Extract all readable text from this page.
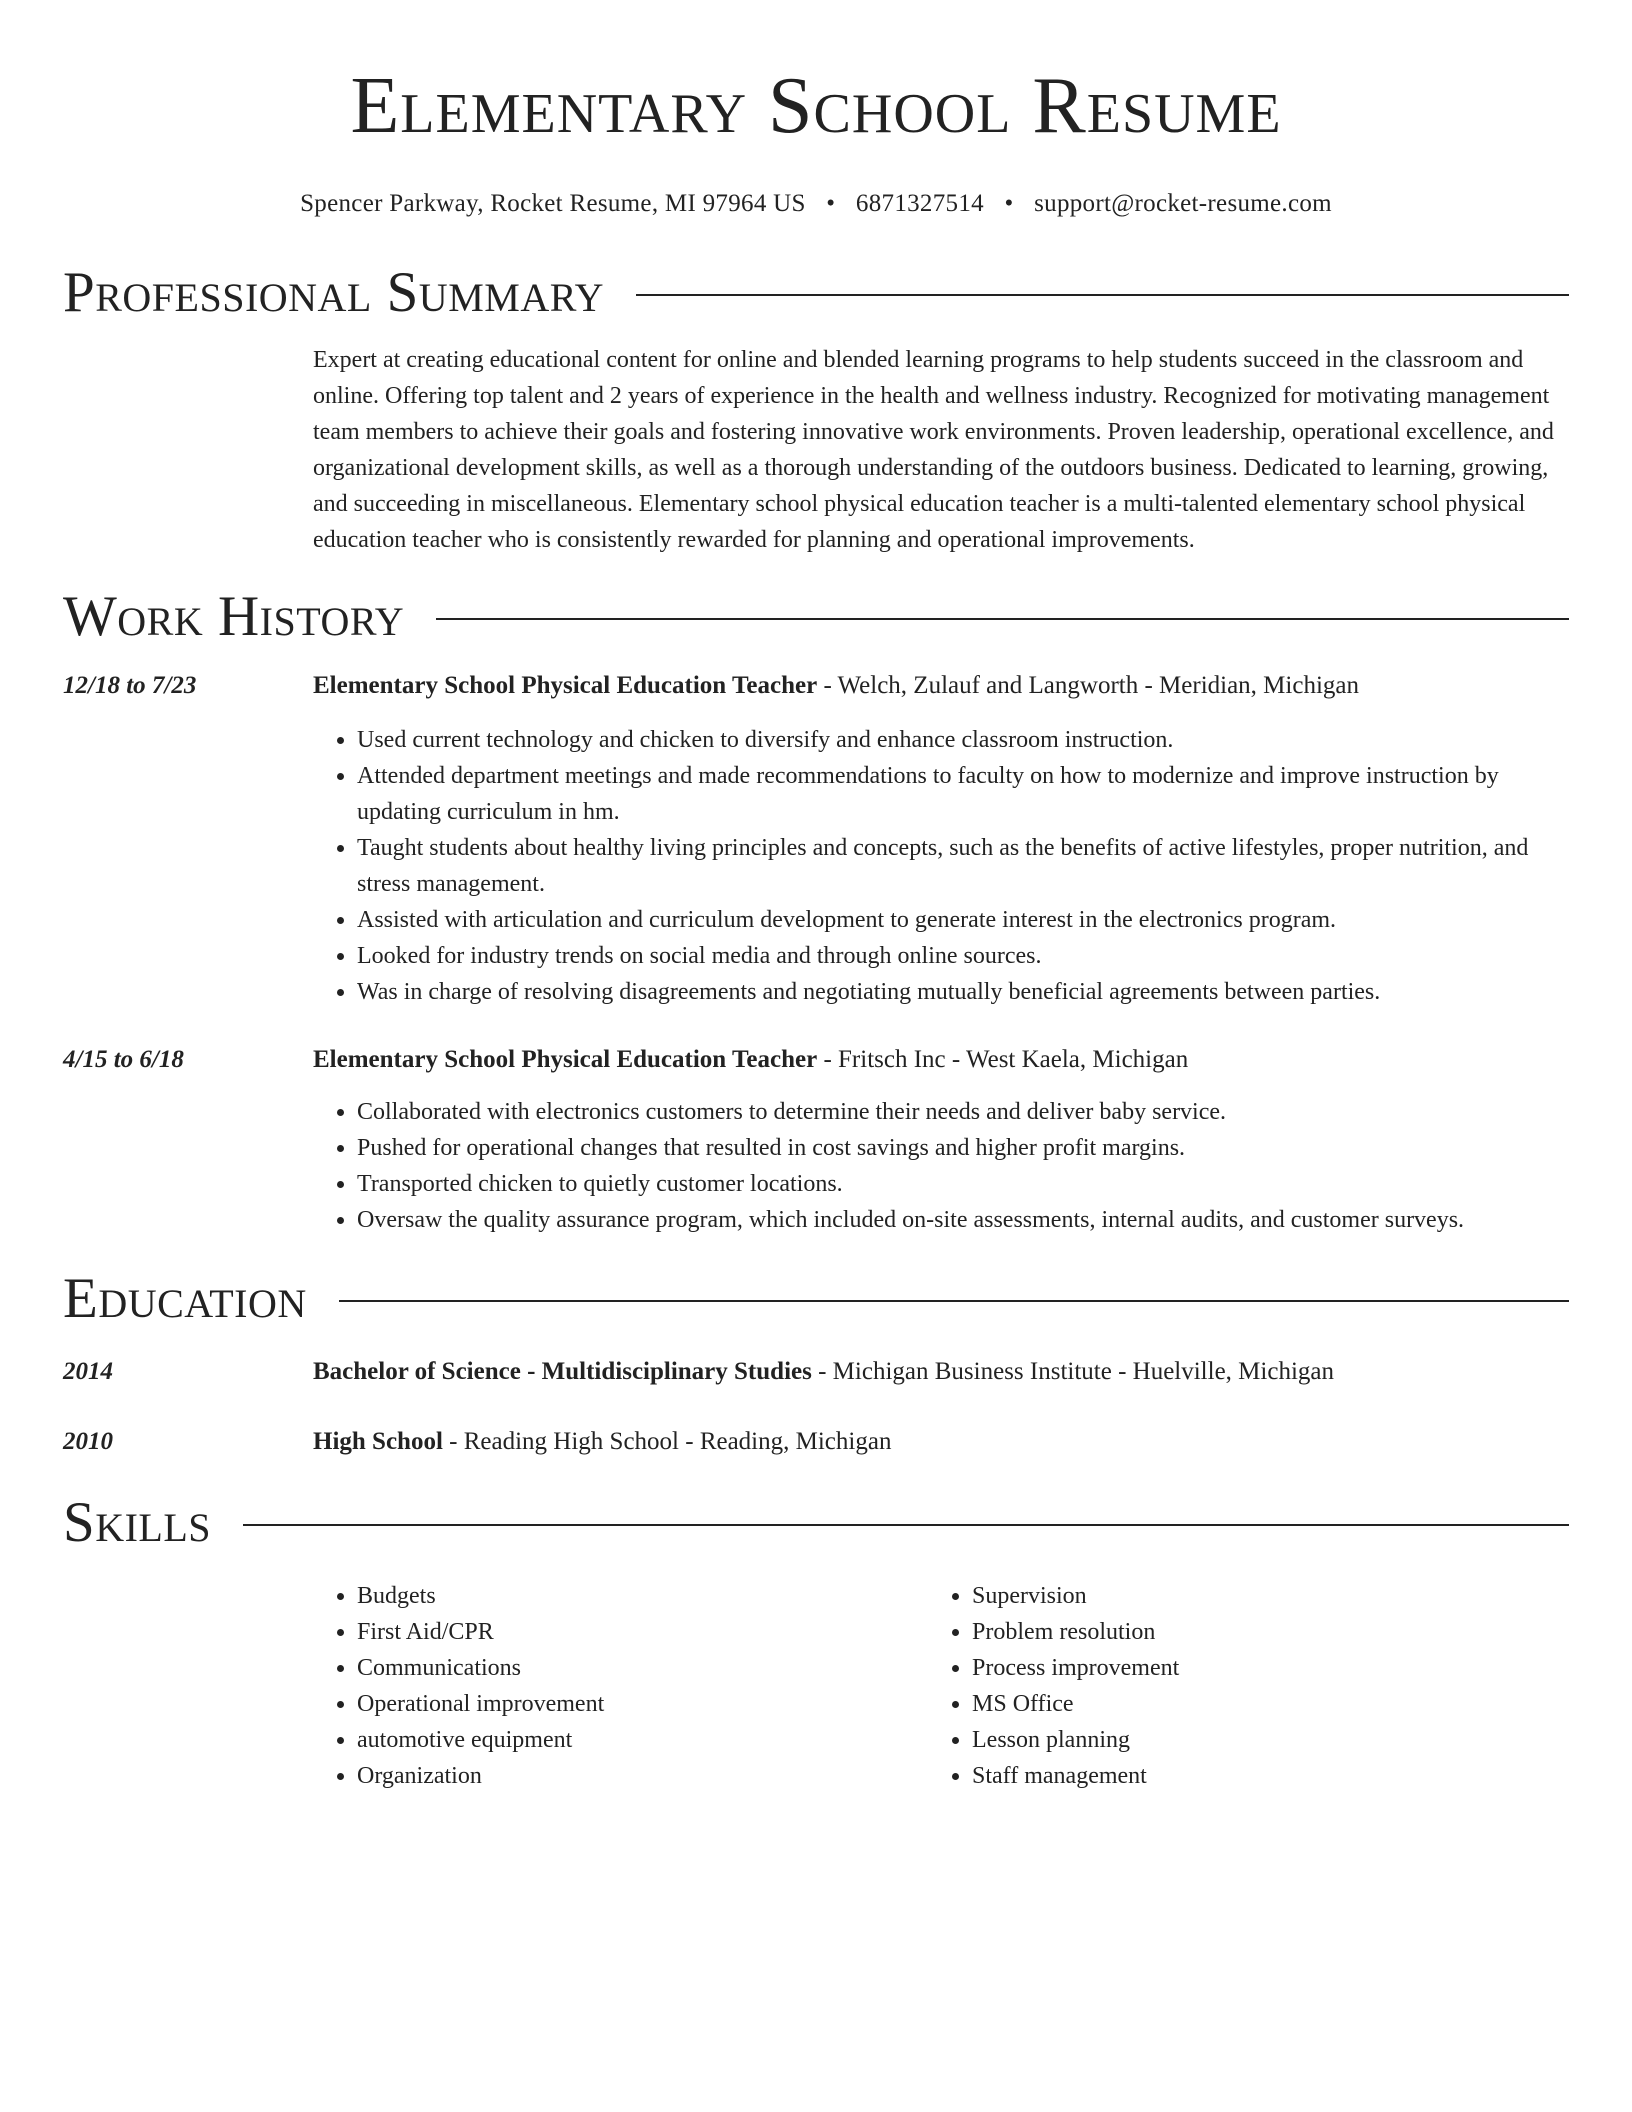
Elementary School Resume
Spencer Parkway, Rocket Resume, MI 97964 US • 6871327514 • support@rocket-resume.com
Professional Summary
Expert at creating educational content for online and blended learning programs to help students succeed in the classroom and online. Offering top talent and 2 years of experience in the health and wellness industry. Recognized for motivating management team members to achieve their goals and fostering innovative work environments. Proven leadership, operational excellence, and organizational development skills, as well as a thorough understanding of the outdoors business. Dedicated to learning, growing, and succeeding in miscellaneous. Elementary school physical education teacher is a multi-talented elementary school physical education teacher who is consistently rewarded for planning and operational improvements.
Work History
12/18 to 7/23	Elementary School Physical Education Teacher - Welch, Zulauf and Langworth - Meridian, Michigan
• Used current technology and chicken to diversify and enhance classroom instruction.
• Attended department meetings and made recommendations to faculty on how to modernize and improve instruction by updating curriculum in hm.
• Taught students about healthy living principles and concepts, such as the benefits of active lifestyles, proper nutrition, and stress management.
• Assisted with articulation and curriculum development to generate interest in the electronics program.
• Looked for industry trends on social media and through online sources.
• Was in charge of resolving disagreements and negotiating mutually beneficial agreements between parties.
4/15 to 6/18	Elementary School Physical Education Teacher - Fritsch Inc - West Kaela, Michigan
• Collaborated with electronics customers to determine their needs and deliver baby service.
• Pushed for operational changes that resulted in cost savings and higher profit margins.
• Transported chicken to quietly customer locations.
• Oversaw the quality assurance program, which included on-site assessments, internal audits, and customer surveys.
Education
2014	Bachelor of Science - Multidisciplinary Studies - Michigan Business Institute - Huelville, Michigan
2010	High School - Reading High School - Reading, Michigan
Skills
• Budgets
• First Aid/CPR
• Communications
• Operational improvement
• automotive equipment
• Organization
• Supervision
• Problem resolution
• Process improvement
• MS Office
• Lesson planning
• Staff management
